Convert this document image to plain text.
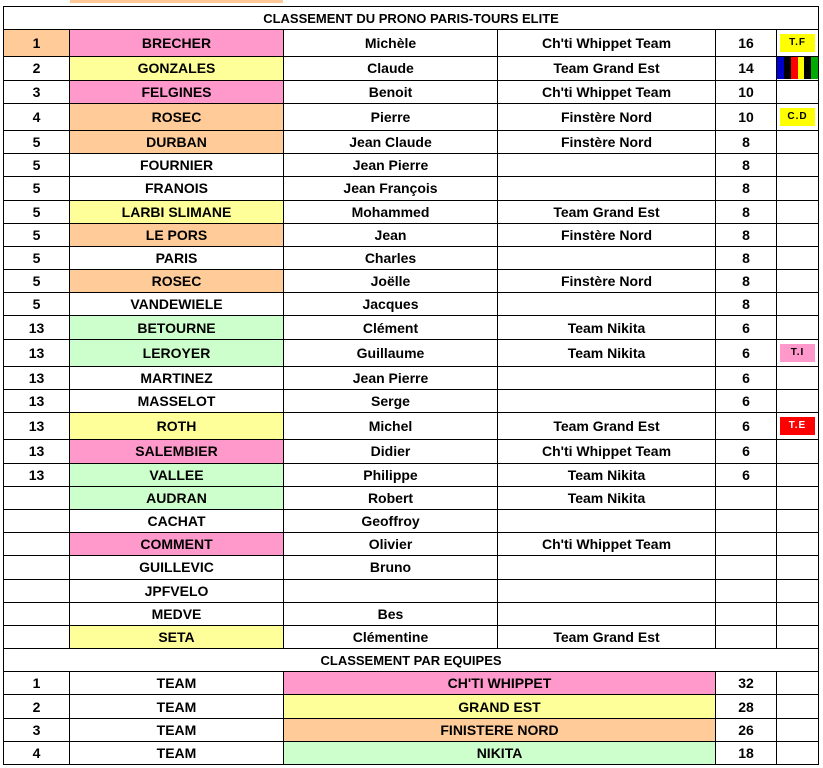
CLASSEMENT DU PRONO PARIS-TOURS ELITE					
1	BRECHER	Michèle	Ch'ti Whippet Team	16	T.F
2	GONZALES	Claude	Team Grand Est	14	

3	FELGINES	Benoit	Ch'ti Whippet Team	10	
4	ROSEC	Pierre	Finstère Nord	10	C.D
5	DURBAN	Jean Claude	Finstère Nord	8	
5	FOURNIER	Jean Pierre		8	
5	FRANOIS	Jean François		8	
5	LARBI SLIMANE	Mohammed	Team Grand Est	8	
5	LE PORS	Jean	Finstère Nord	8	
5	PARIS	Charles		8	
5	ROSEC	Joëlle	Finstère Nord	8	
5	VANDEWIELE	Jacques		8	
13	BETOURNE	Clément	Team Nikita	6	
13	LEROYER	Guillaume	Team Nikita	6	T.I
13	MARTINEZ	Jean Pierre		6	
13	MASSELOT	Serge		6	
13	ROTH	Michel	Team Grand Est	6	T.E
13	SALEMBIER	Didier	Ch'ti Whippet Team	6	
13	VALLEE	Philippe	Team Nikita	6	
	AUDRAN	Robert	Team Nikita		
	CACHAT	Geoffroy			
	COMMENT	Olivier	Ch'ti Whippet Team		
	GUILLEVIC	Bruno			
	JPFVELO				
	MEDVE	Bes			
	SETA	Clémentine	Team Grand Est		
CLASSEMENT PAR EQUIPES					
1	TEAM	CH'TI WHIPPET		32	
2	TEAM	GRAND EST		28	
3	TEAM	FINISTERE NORD		26	
4	TEAM	NIKITA		18	
